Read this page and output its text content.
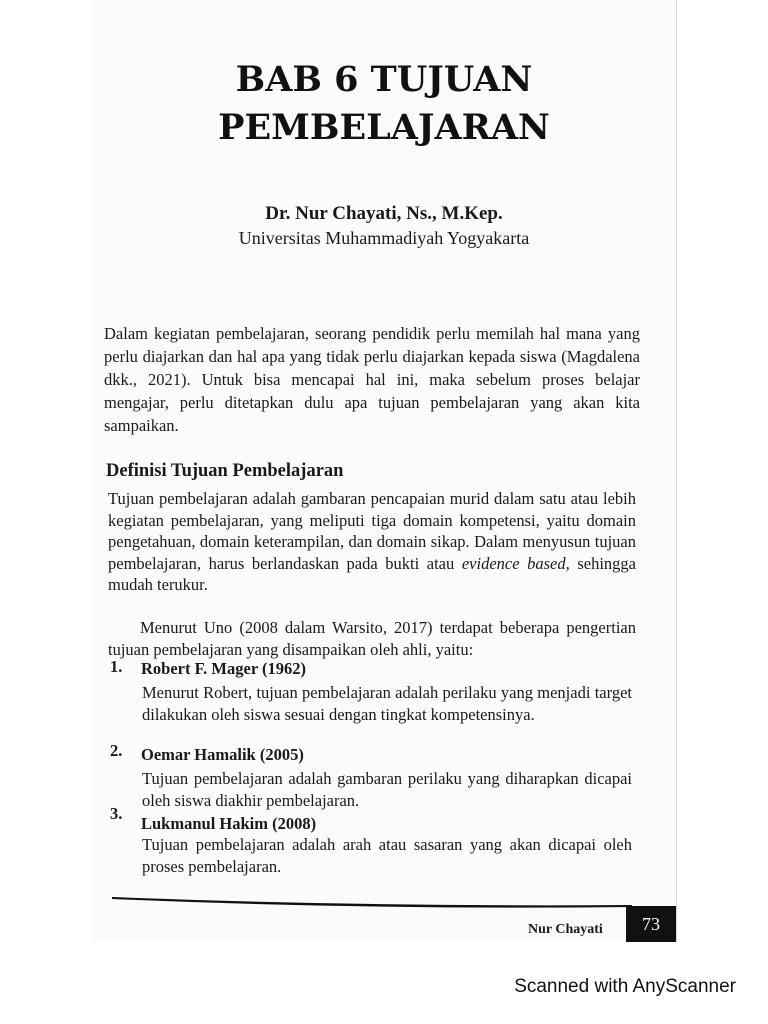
BAB 6 TUJUAN
PEMBELAJARAN

Dr. Nur Chayati, Ns., M.Kep.

Universitas Muhammadiyah Yogyakarta

Dalam kegiatan pembelajaran, seorang pendidik perlu memilah hal mana yang perlu diajarkan dan hal apa yang tidak perlu diajarkan kepada siswa (Magdalena dkk., 2021). Untuk bisa mencapai hal ini, maka sebelum proses belajar mengajar, perlu ditetapkan dulu apa tujuan pembelajaran yang akan kita sampaikan.

Definisi Tujuan Pembelajaran

Tujuan pembelajaran adalah gambaran pencapaian murid dalam satu atau lebih kegiatan pembelajaran, yang meliputi tiga domain kompetensi, yaitu domain pengetahuan, domain keterampilan, dan domain sikap. Dalam menyusun tujuan pembelajaran, harus berlandaskan pada bukti atau evidence based, sehingga mudah terukur.

Menurut Uno (2008 dalam Warsito, 2017) terdapat beberapa pengertian tujuan pembelajaran yang disampaikan oleh ahli, yaitu:

1. Robert F. Mager (1962)

Menurut Robert, tujuan pembelajaran adalah perilaku yang menjadi target dilakukan oleh siswa sesuai dengan tingkat kompetensinya.

2. Oemar Hamalik (2005)

Tujuan pembelajaran adalah gambaran perilaku yang diharapkan dicapai oleh siswa diakhir pembelajaran.

3.

Lukmanul Hakim (2008)

Tujuan pembelajaran adalah arah atau sasaran yang akan dicapai oleh proses pembelajaran.

Nur Chayati 73

Scanned with AnyScanner
